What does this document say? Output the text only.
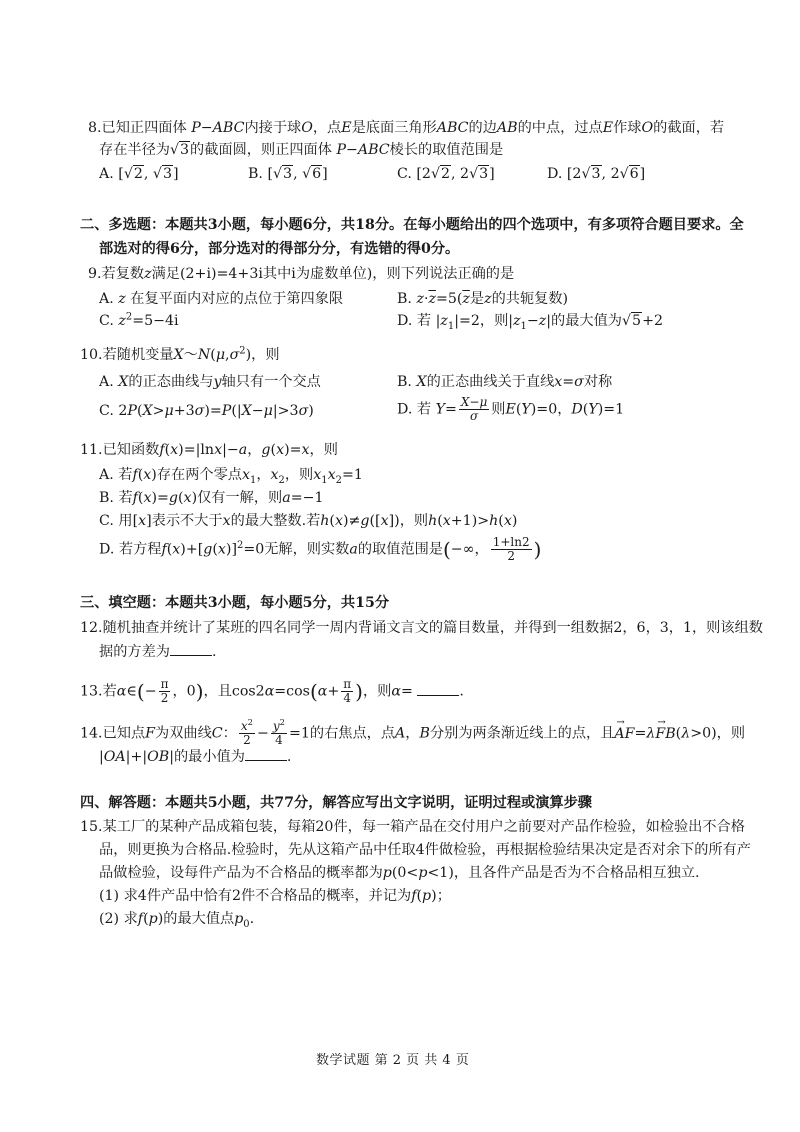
8.已知正四面体 P−ABC内接于球O，点E是底面三角形ABC的边AB的中点，过点E作球O的截面，若
存在半径为√3的截面圆，则正四面体 P−ABC棱长的取值范围是
A. [√2, √3]	B. [√3, √6]	C. [2√2, 2√3]	D. [2√3, 2√6]
二、多选题：本题共3小题，每小题6分，共18分。在每小题给出的四个选项中，有多项符合题目要求。全
部选对的得6分，部分选对的得部分分，有选错的得0分。
9.若复数z满足(2+i)=4+3i其中i为虚数单位)，则下列说法正确的是
A. z 在复平面内对应的点位于第四象限	B. $z\cdot\overline{z}=5(\overline{z}$是z的共轭复数)
C. $z^2=5-4i$	D. 若 $|z_1|=2$，则$|z_1-z|$的最大值为√5+2
10.若随机变量$X\sim N(\mu,\sigma^2)$，则
A. X的正态曲线与y轴只有一个交点	B. X的正态曲线关于直线x=σ对称
C. 2P(X>μ+3σ)=P(|X−μ|>3σ)	D. 若 $Y= \frac{X-\mu}{\sigma}$ 则E(Y)=0，D(Y)=1
11.已知函数f(x)=|lnx|−a，g(x)=x，则
A. 若f(x)存在两个零点$x_1$，$x_2$，则$x_1x_2=1$
B. 若f(x)=g(x)仅有一解，则a=−1
C. 用[x]表示不大于x的最大整数.若h(x)≠g([x])，则h(x+1)>h(x)
D. 若方程$f(x)+[g(x)]^2=0$无解，则实数a的取值范围是(−∞， $\frac{1+\ln 2}{2}$ )
三、填空题：本题共3小题，每小题5分，共15分
12.随机抽查并统计了某班的四名同学一周内背诵文言文的篇目数量，并得到一组数据2，6，3，1，则该组数
据的方差为	.
13.若α∈(− $\frac{\pi}{2}$ ，0)，且$\cos 2\alpha=\cos(\alpha+ \frac{\pi}{4}$ )，则α=	.
14.已知点F为双曲线C： $\frac{x^2}{2} - \frac{y^2}{4} =1$的右焦点，点A，B分别为两条渐近线上的点，且→ AF=λ→ FB(λ>0)，则
|OA|+|OB|的最小值为	.
四、解答题：本题共5小题，共77分，解答应写出文字说明，证明过程或演算步骤
15.某工厂的某种产品成箱包装，每箱20件，每一箱产品在交付用户之前要对产品作检验，如检验出不合格
品，则更换为合格品.检验时，先从这箱产品中任取4件做检验，再根据检验结果决定是否对余下的所有产
品做检验，设每件产品为不合格品的概率都为p(0<p<1)，且各件产品是否为不合格品相互独立.
(1) 求4件产品中恰有2件不合格品的概率，并记为f(p)；
(2) 求f(p)的最大值点$p_0$.
数学试题 第 2 页 共 4 页
